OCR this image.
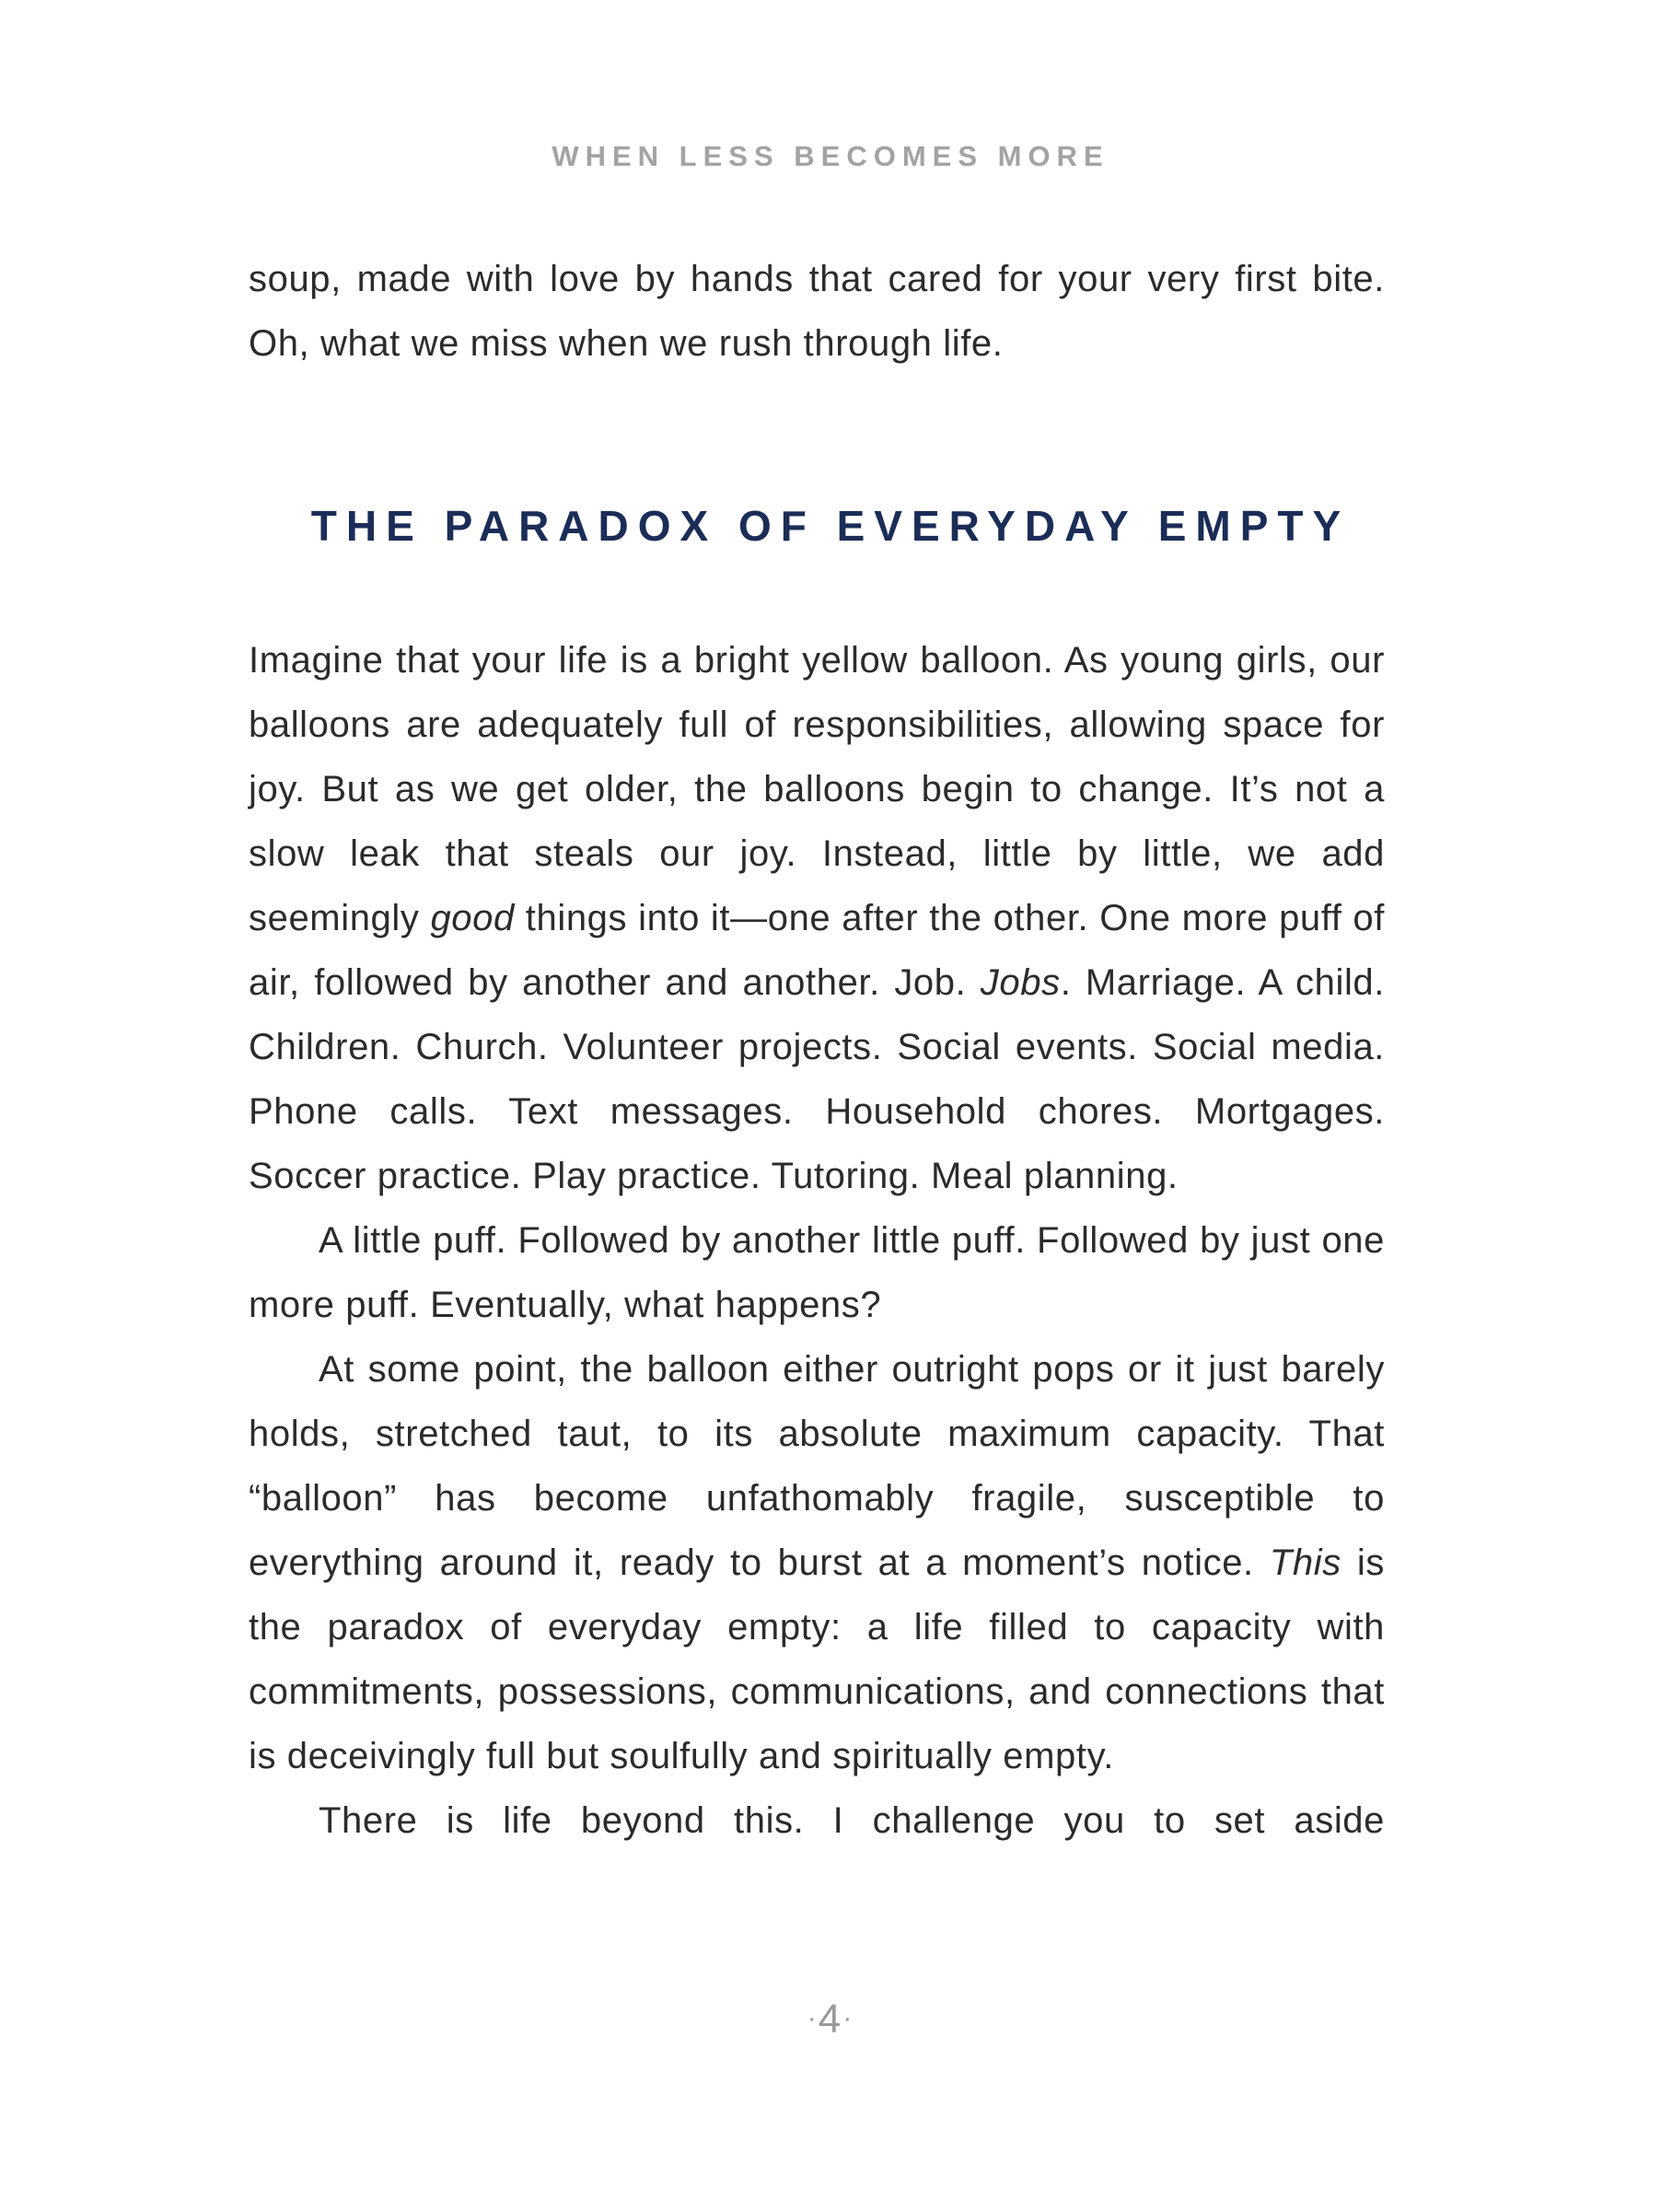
WHEN LESS BECOMES MORE

soup, made with love by hands that cared for your very first bite. Oh, what we miss when we rush through life.

THE PARADOX OF EVERYDAY EMPTY

Imagine that your life is a bright yellow balloon. As young girls, our balloons are adequately full of responsibilities, allowing space for joy. But as we get older, the balloons begin to change. It’s not a slow leak that steals our joy. Instead, little by little, we add seemingly good things into it—one after the other. One more puff of air, followed by another and another. Job. Jobs. Marriage. A child. Children. Church. Volunteer projects. Social events. Social media. Phone calls. Text messages. Household chores. Mortgages. Soccer practice. Play practice. Tutoring. Meal planning.

A little puff. Followed by another little puff. Followed by just one more puff. Eventually, what happens?

At some point, the balloon either outright pops or it just barely holds, stretched taut, to its absolute maximum capacity. That “balloon” has become unfathomably fragile, susceptible to everything around it, ready to burst at a moment’s notice. This is the paradox of everyday empty: a life filled to capacity with commitments, possessions, communications, and connections that is deceivingly full but soulfully and spiritually empty.

There is life beyond this. I challenge you to set aside

·4·
